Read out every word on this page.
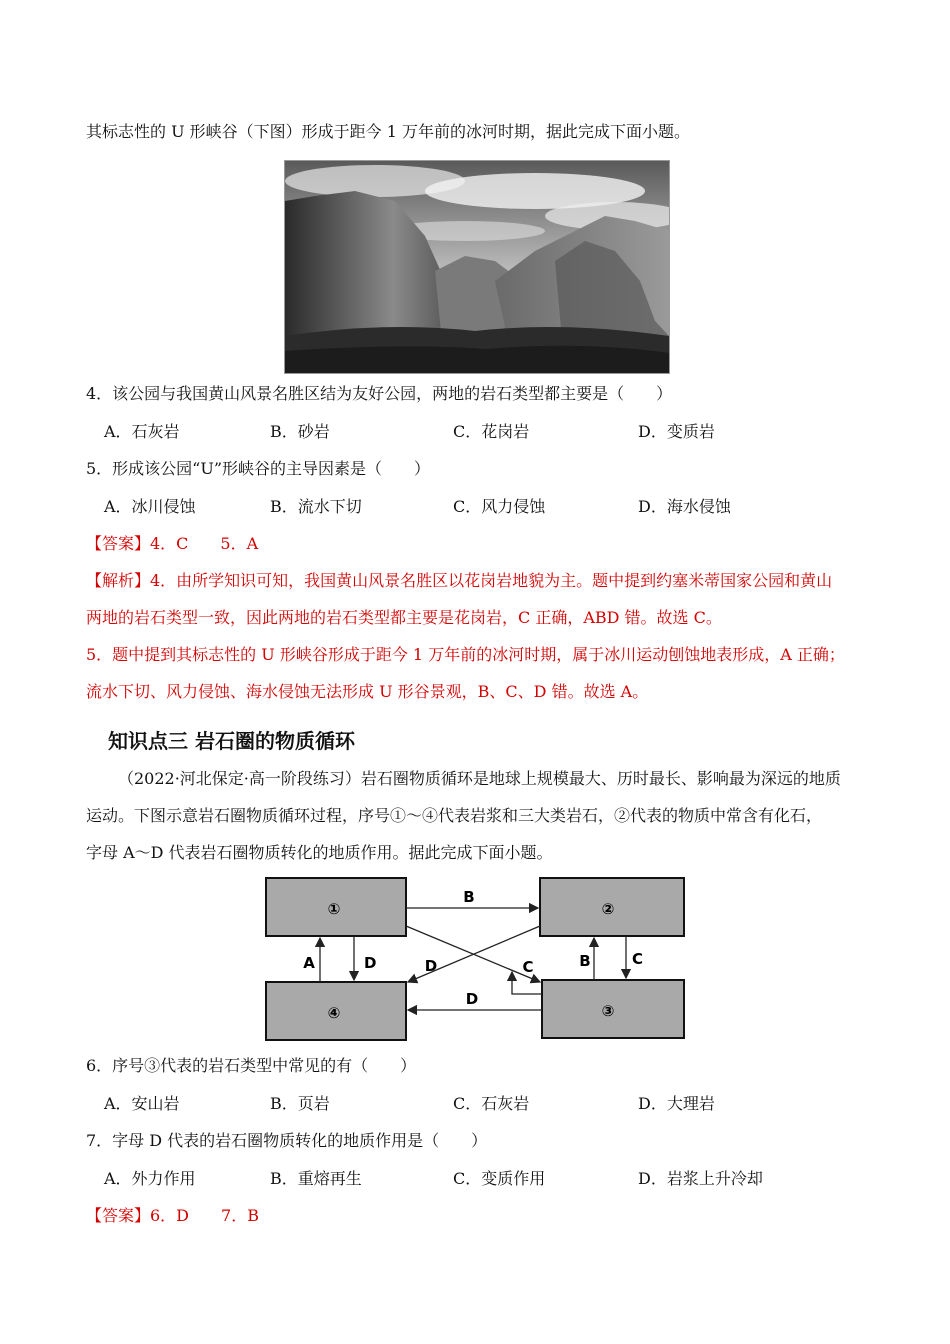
其标志性的 U 形峡谷（下图）形成于距今 1 万年前的冰河时期，据此完成下面小题。
4．该公园与我国黄山风景名胜区结为友好公园，两地的岩石类型都主要是（　　）
A．石灰岩	B．砂岩	C．花岗岩	D．变质岩
5．形成该公园“U”形峡谷的主导因素是（　　）
A．冰川侵蚀	B．流水下切	C．风力侵蚀	D．海水侵蚀
【答案】4．C　　5．A
【解析】4．由所学知识可知，我国黄山风景名胜区以花岗岩地貌为主。题中提到约塞米蒂国家公园和黄山
两地的岩石类型一致，因此两地的岩石类型都主要是花岗岩，C 正确，ABD 错。故选 C。
5．题中提到其标志性的 U 形峡谷形成于距今 1 万年前的冰河时期，属于冰川运动刨蚀地表形成，A 正确；
流水下切、风力侵蚀、海水侵蚀无法形成 U 形谷景观，B、C、D 错。故选 A。
知识点三 岩石圈的物质循环
（2022·河北保定·高一阶段练习）岩石圈物质循环是地球上规模最大、历时最长、影响最为深远的地质
运动。下图示意岩石圈物质循环过程，序号①～④代表岩浆和三大类岩石，②代表的物质中常含有化石，
字母 A～D 代表岩石圈物质转化的地质作用。据此完成下面小题。
①	②
③
④
B
A	D	B	C
D	C
D
6．序号③代表的岩石类型中常见的有（　　）
A．安山岩	B．页岩	C．石灰岩	D．大理岩
7．字母 D 代表的岩石圈物质转化的地质作用是（　　）
A．外力作用	B．重熔再生	C．变质作用	D．岩浆上升冷却
【答案】6．D　　7．B
